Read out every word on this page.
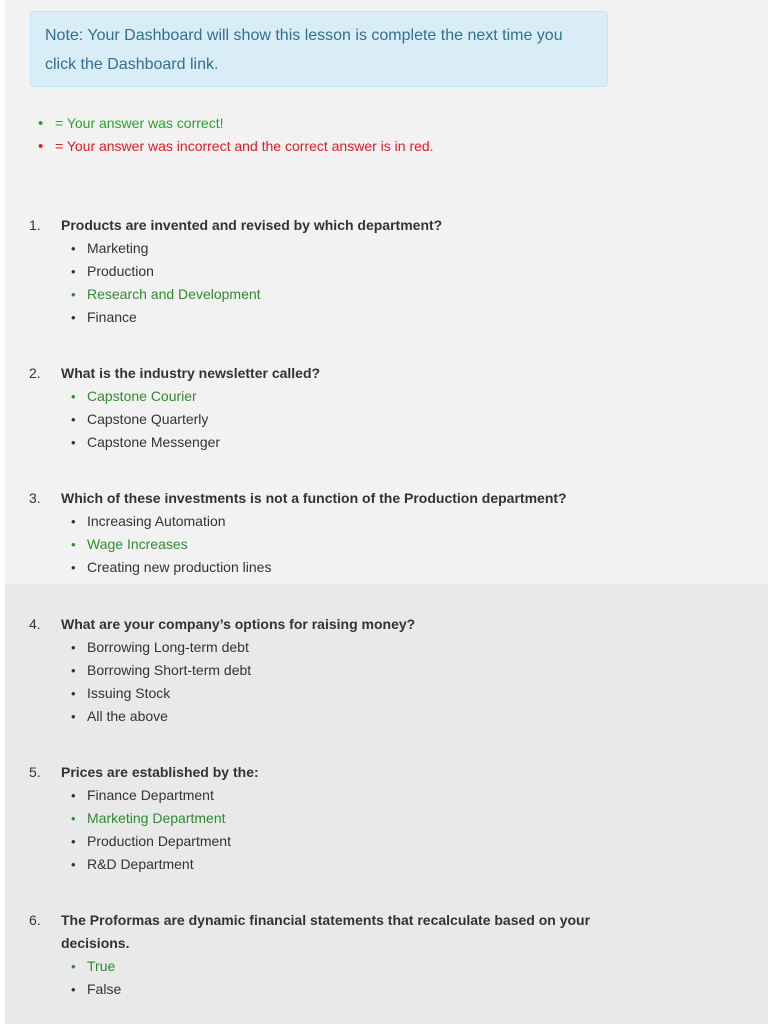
Note: Your Dashboard will show this lesson is complete the next time you
click the Dashboard link.
• = Your answer was correct!
• = Your answer was incorrect and the correct answer is in red.
1.	Products are invented and revised by which department?
• Marketing
• Production
• Research and Development
• Finance
2.	What is the industry newsletter called?
• Capstone Courier
• Capstone Quarterly
• Capstone Messenger
3.	Which of these investments is not a function of the Production department?
• Increasing Automation
• Wage Increases
• Creating new production lines
4.	What are your company’s options for raising money?
• Borrowing Long-term debt
• Borrowing Short-term debt
• Issuing Stock
• All the above
5.	Prices are established by the:
• Finance Department
• Marketing Department
• Production Department
• R&D Department
6.	The Proformas are dynamic financial statements that recalculate based on your decisions.
• True
• False
